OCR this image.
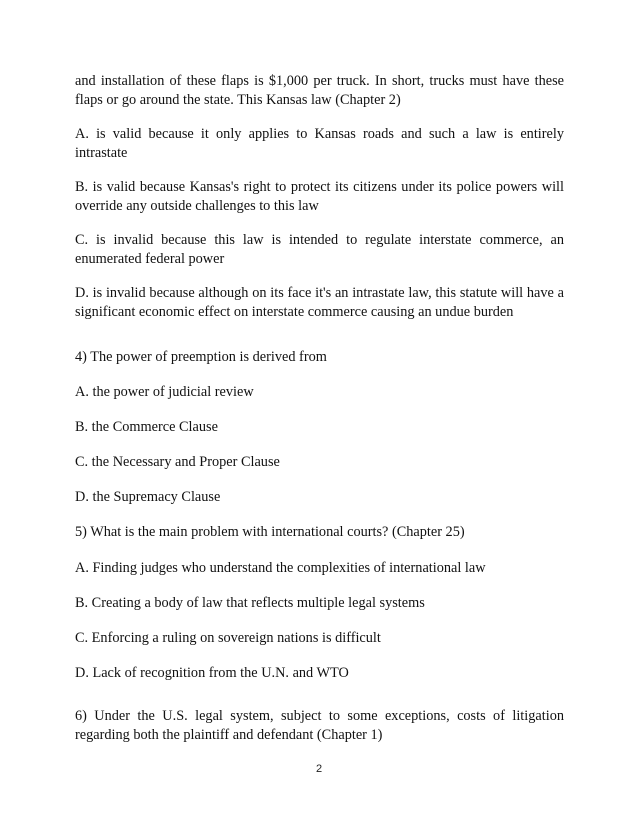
and installation of these flaps is $1,000 per truck. In short, trucks must have these flaps or go around the state. This Kansas law (Chapter 2)

A. is valid because it only applies to Kansas roads and such a law is entirely intrastate

B. is valid because Kansas's right to protect its citizens under its police powers will override any outside challenges to this law

C. is invalid because this law is intended to regulate interstate commerce, an enumerated federal power

D. is invalid because although on its face it's an intrastate law, this statute will have a significant economic effect on interstate commerce causing an undue burden

4) The power of preemption is derived from

A. the power of judicial review

B. the Commerce Clause

C. the Necessary and Proper Clause

D. the Supremacy Clause

5) What is the main problem with international courts? (Chapter 25)

A. Finding judges who understand the complexities of international law

B. Creating a body of law that reflects multiple legal systems

C. Enforcing a ruling on sovereign nations is difficult

D. Lack of recognition from the U.N. and WTO

6) Under the U.S. legal system, subject to some exceptions, costs of litigation regarding both the plaintiff and defendant (Chapter 1)

2
